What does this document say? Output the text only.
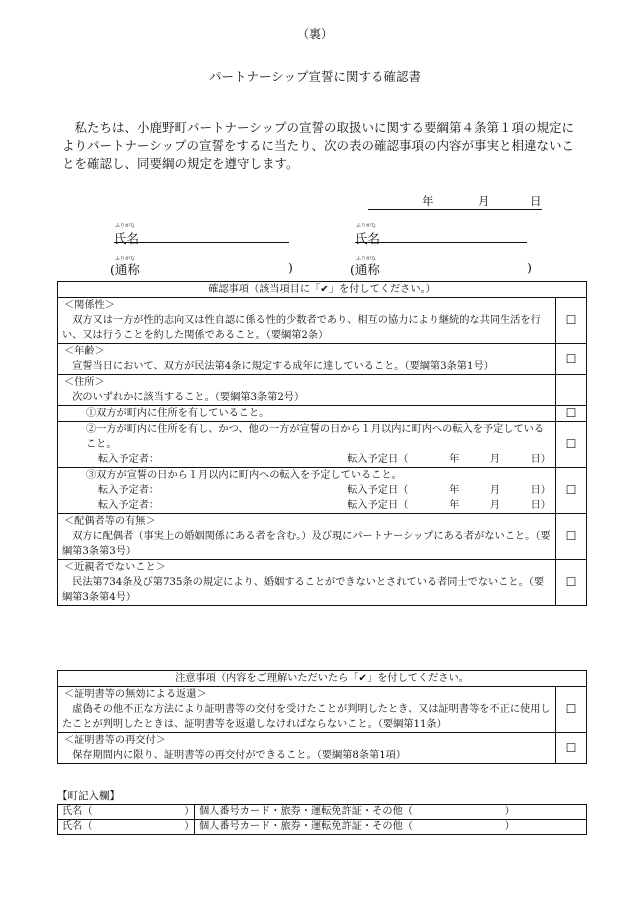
（裏）
パートナーシップ宣誓に関する確認書
私たちは、小鹿野町パートナーシップの宣誓の取扱いに関する要綱第４条第１項の規定によりパートナーシップの宣誓をするに当たり、次の表の確認事項の内容が事実と相違ないことを確認し、同要綱の規定を遵守します。
年	月	日
ふりがな
氏名
ふりがな
(通称	)
ふりがな
氏名
ふりがな
(通称	)
確認事項（該当項目に「✔」を付してください。）	

＜関係性＞
双方又は一方が性的志向又は性自認に係る性的少数者であり、相互の協力により継続的な共同生活を行い、又は行うことを約した関係であること。（要綱第2条）	☐

＜年齢＞
宣誓当日において、双方が民法第4条に規定する成年に達していること。（要綱第3条第1号）	☐

＜住所＞
次のいずれかに該当すること。（要綱第3条第2号）	

①双方が町内に住所を有していること。	☐

②一方が町内に住所を有し、かつ、他の一方が宣誓の日から１月以内に町内への転入を予定していること。
転入予定者： 転入予定日（　　　　年　　　月　　　日）	☐

③双方が宣誓の日から１月以内に町内への転入を予定していること。
転入予定者： 転入予定日（　　　　年　　　月　　　日）
転入予定者： 転入予定日（　　　　年　　　月　　　日）	☐

＜配偶者等の有無＞
双方に配偶者（事実上の婚姻関係にある者を含む。）及び現にパートナーシップにある者がないこと。（要綱第3条第3号）	☐

＜近親者でないこと＞
民法第734条及び第735条の規定により、婚姻することができないとされている者同士でないこと。（要綱第3条第4号）	☐
注意事項（内容をご理解いただいたら「✔」を付してください。	

＜証明書等の無効による返還＞
虚偽その他不正な方法により証明書等の交付を受けたことが判明したとき、又は証明書等を不正に使用したことが判明したときは、証明書等を返還しなければならないこと。（要綱第11条）	☐

＜証明書等の再交付＞
保存期間内に限り、証明書等の再交付ができること。（要綱第8条第1項）	☐
【町記入欄】
氏名（　　　　　　　　　）	個人番号カード・旅券・運転免許証・その他（　　　　　　　　　）
氏名（　　　　　　　　　）	個人番号カード・旅券・運転免許証・その他（　　　　　　　　　）
